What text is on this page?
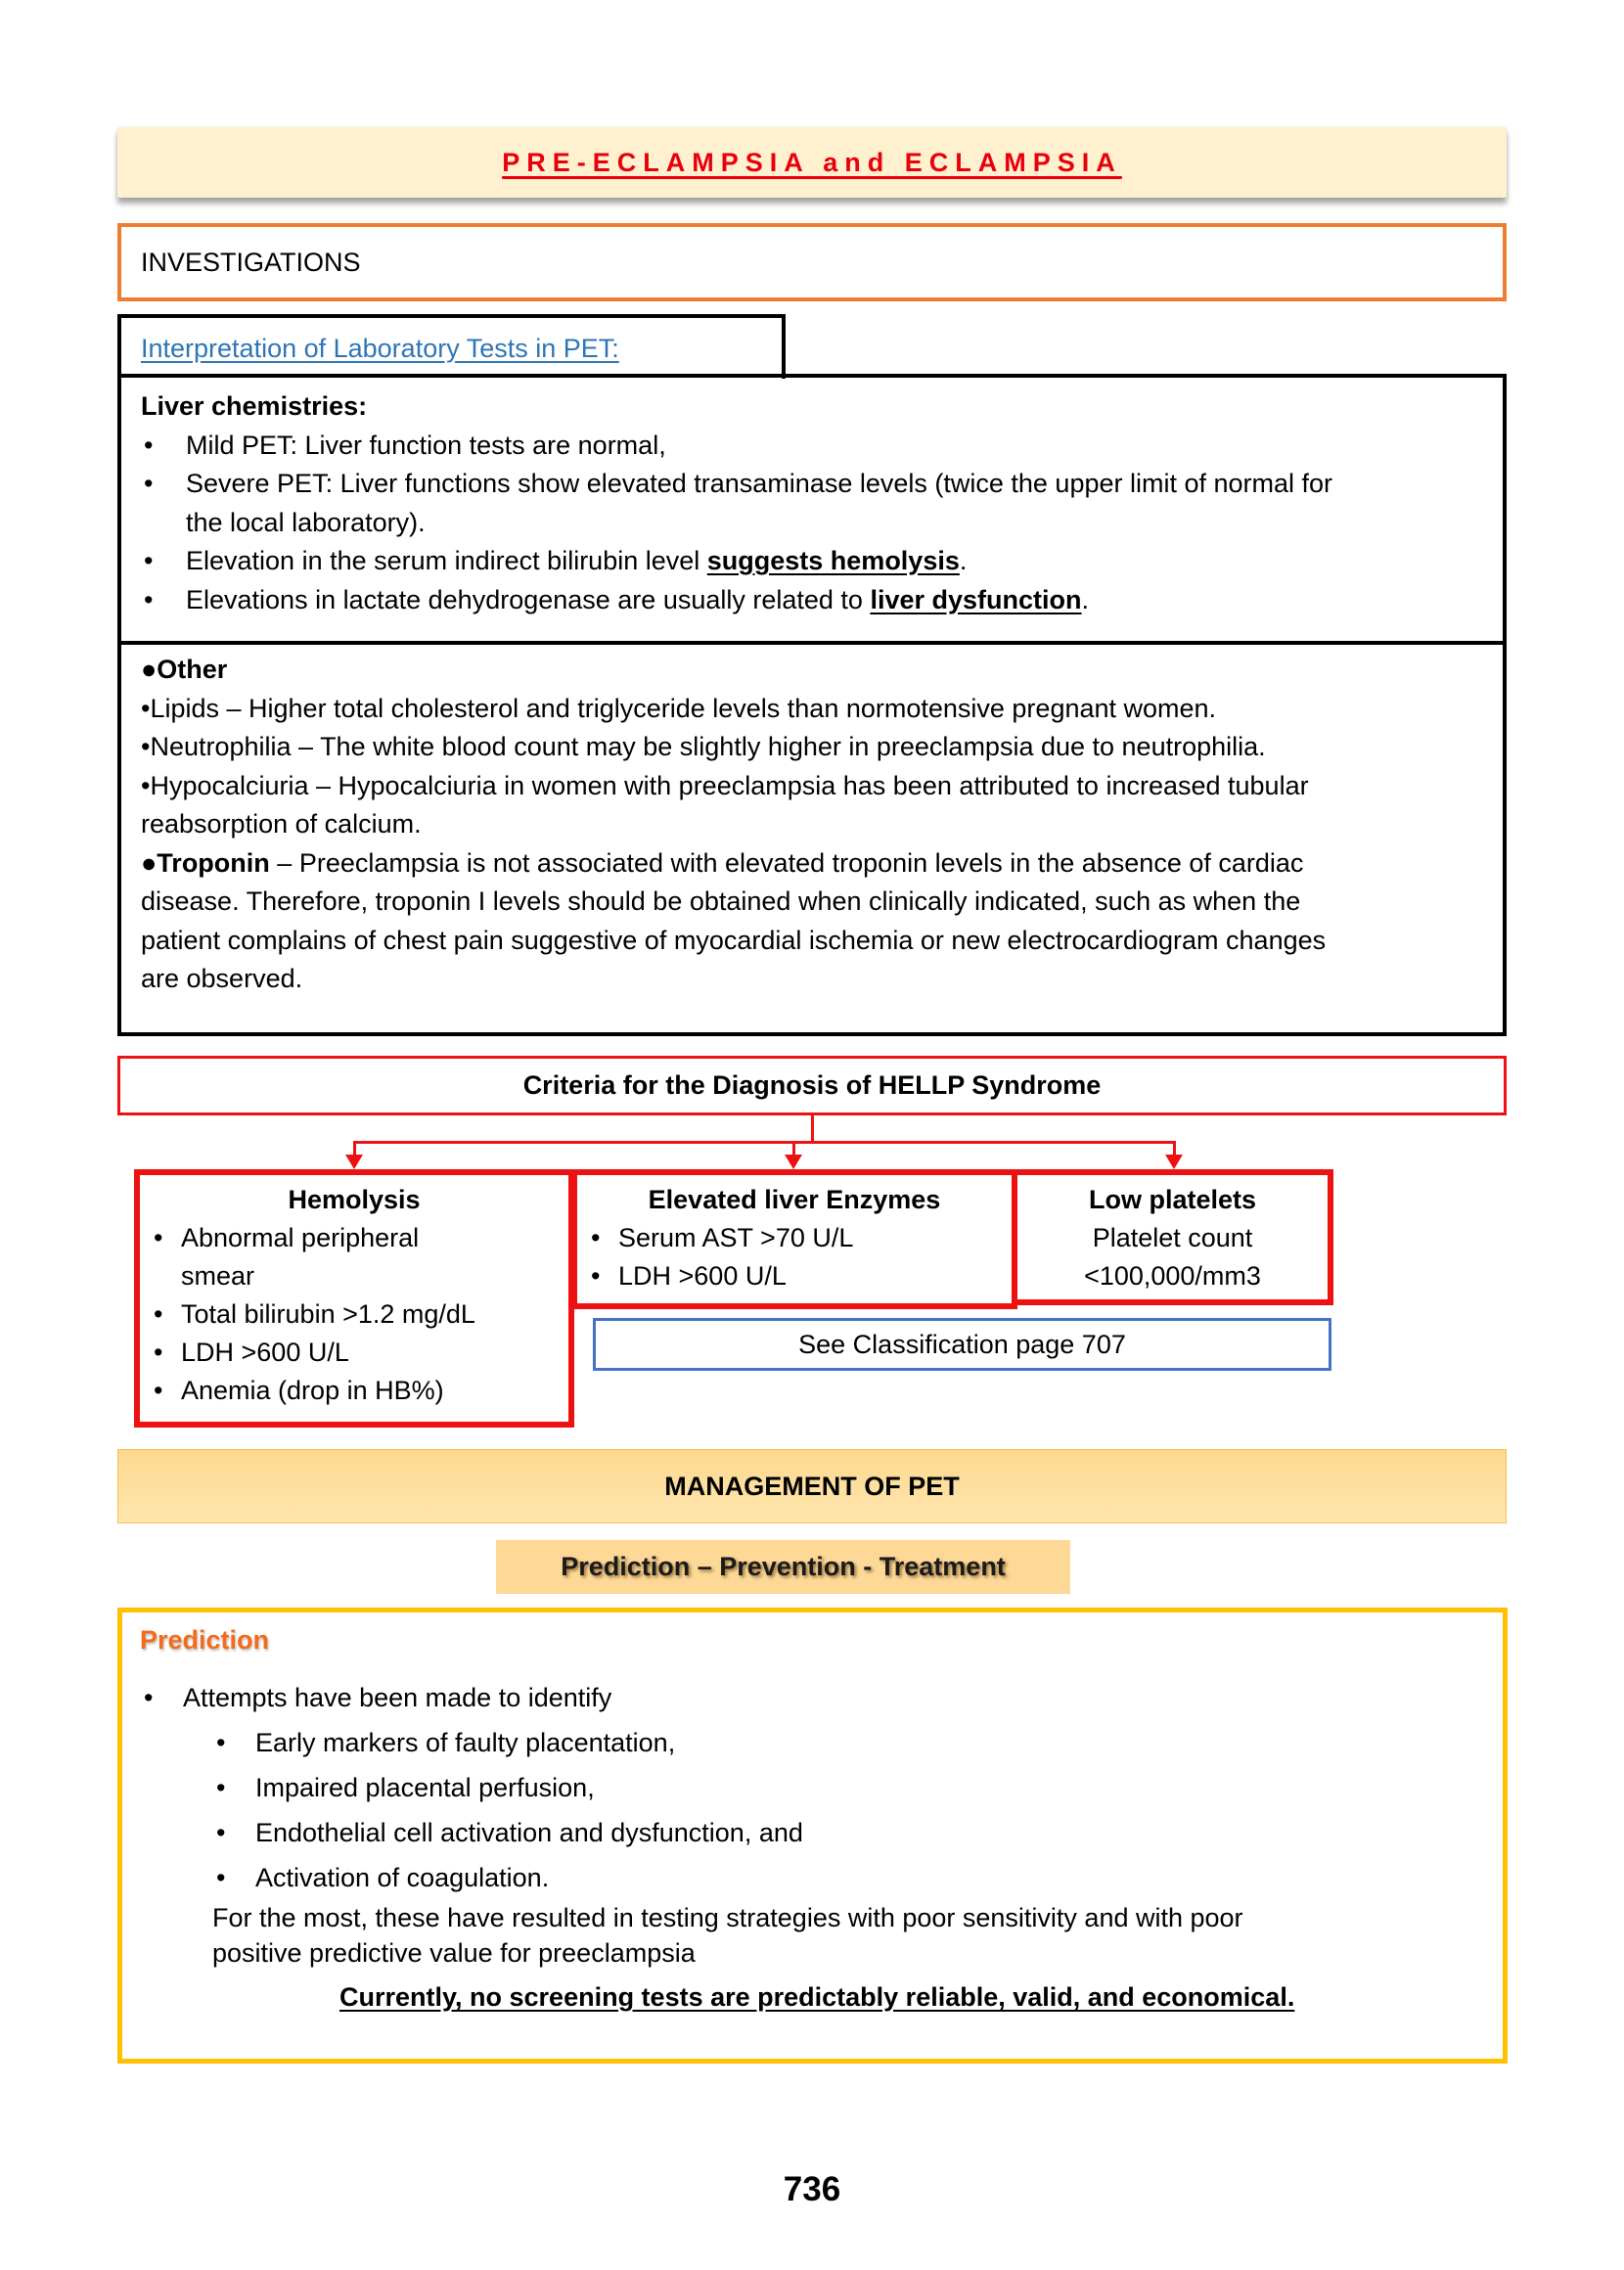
PRE-ECLAMPSIA and ECLAMPSIA
INVESTIGATIONS
Interpretation of Laboratory Tests in PET:
Liver chemistries:
•	Mild PET: Liver function tests are normal,
•	Severe PET: Liver functions show elevated transaminase levels (twice the upper limit of normal for
the local laboratory).
•	Elevation in the serum indirect bilirubin level suggests hemolysis.
•	Elevations in lactate dehydrogenase are usually related to liver dysfunction.
●Other
•Lipids – Higher total cholesterol and triglyceride levels than normotensive pregnant women.
•Neutrophilia – The white blood count may be slightly higher in preeclampsia due to neutrophilia.
•Hypocalciuria – Hypocalciuria in women with preeclampsia has been attributed to increased tubular
reabsorption of calcium.
●Troponin – Preeclampsia is not associated with elevated troponin levels in the absence of cardiac
disease. Therefore, troponin I levels should be obtained when clinically indicated, such as when the
patient complains of chest pain suggestive of myocardial ischemia or new electrocardiogram changes
are observed.
Criteria for the Diagnosis of HELLP Syndrome
Hemolysis
• Abnormal peripheral
smear
• Total bilirubin >1.2 mg/dL
• LDH >600 U/L
• Anemia (drop in HB%)
Elevated liver Enzymes
• Serum AST >70 U/L
• LDH >600 U/L
Low platelets
Platelet count
<100,000/mm3
See Classification page 707
MANAGEMENT OF PET
Prediction – Prevention - Treatment
Prediction
•	Attempts have been made to identify
•	Early markers of faulty placentation,
•	Impaired placental perfusion,
•	Endothelial cell activation and dysfunction, and
•	Activation of coagulation.
For the most, these have resulted in testing strategies with poor sensitivity and with poor
positive predictive value for preeclampsia
Currently, no screening tests are predictably reliable, valid, and economical.
736
